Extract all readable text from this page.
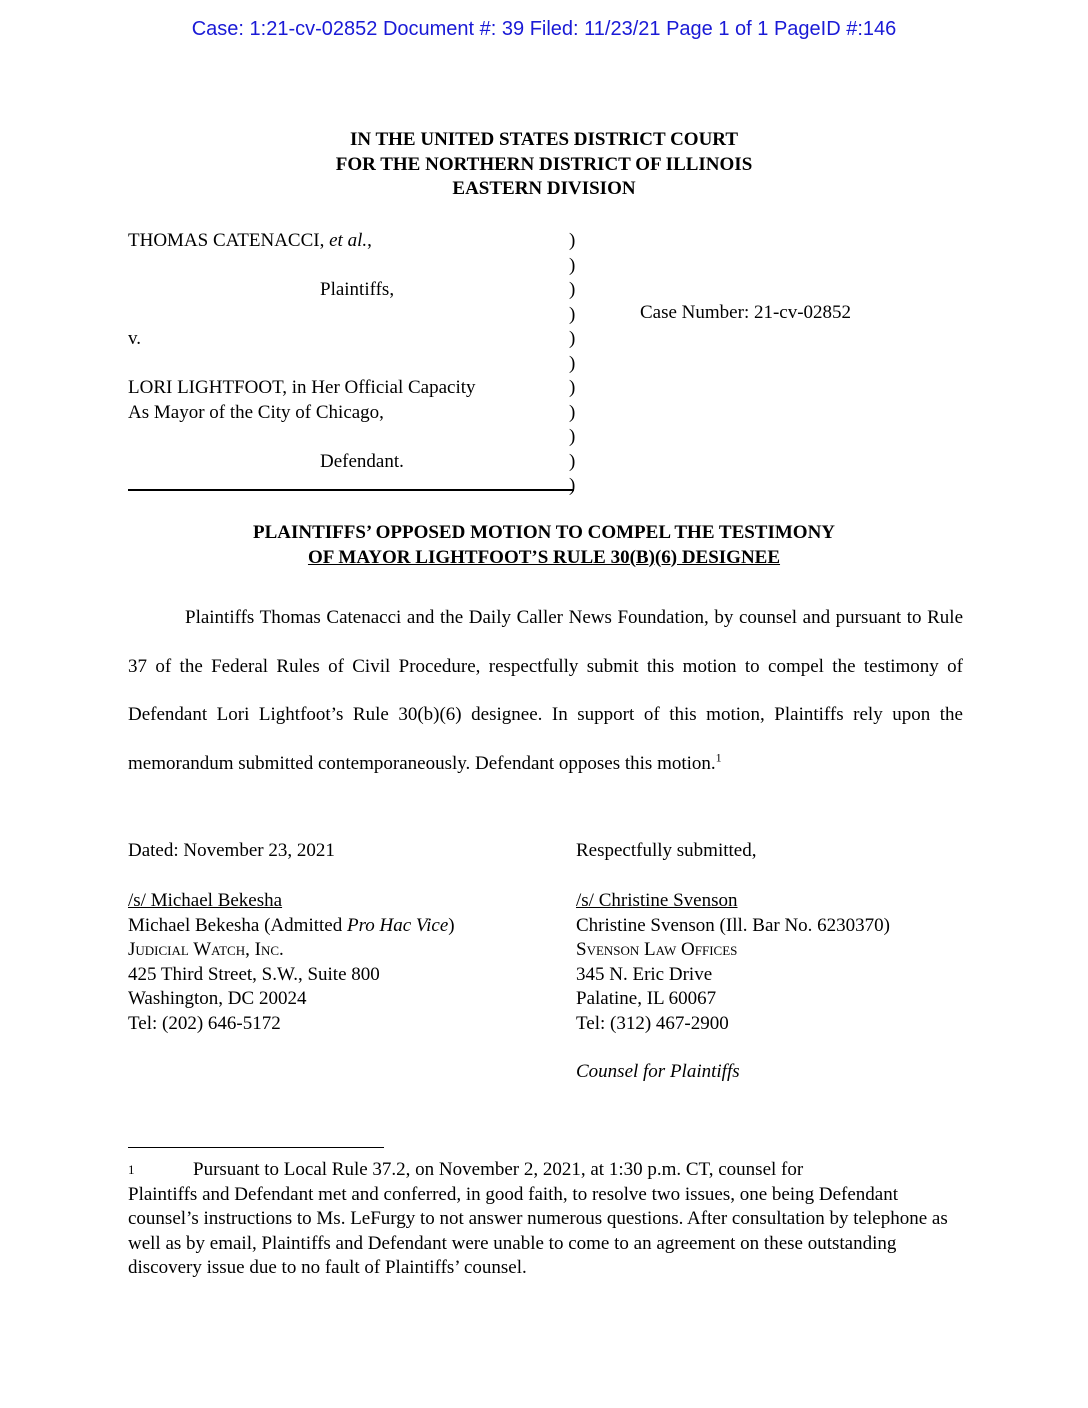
Case: 1:21-cv-02852 Document #: 39 Filed: 11/23/21 Page 1 of 1 PageID #:146
IN THE UNITED STATES DISTRICT COURT
FOR THE NORTHERN DISTRICT OF ILLINOIS
EASTERN DIVISION
THOMAS CATENACCI, et al.,
Plaintiffs,
v.
LORI LIGHTFOOT, in Her Official Capacity
As Mayor of the City of Chicago,
Defendant.
)
)
)
)
)
)
)
)
)
)
)
Case Number: 21-cv-02852
PLAINTIFFS’ OPPOSED MOTION TO COMPEL THE TESTIMONY
OF MAYOR LIGHTFOOT’S RULE 30(B)(6) DESIGNEE
Plaintiffs Thomas Catenacci and the Daily Caller News Foundation, by counsel and pursuant to Rule 37 of the Federal Rules of Civil Procedure, respectfully submit this motion to compel the testimony of Defendant Lori Lightfoot’s Rule 30(b)(6) designee. In support of this motion, Plaintiffs rely upon the memorandum submitted contemporaneously. Defendant opposes this motion.$^1$
Dated: November 23, 2021	Respectfully submitted,
/s/ Michael Bekesha
Michael Bekesha (Admitted Pro Hac Vice)
Judicial Watch, Inc.
425 Third Street, S.W., Suite 800
Washington, DC 20024
Tel: (202) 646-5172
/s/ Christine Svenson
Christine Svenson (Ill. Bar No. 6230370)
Svenson Law Offices
345 N. Eric Drive
Palatine, IL 60067
Tel: (312) 467-2900
Counsel for Plaintiffs
1	Pursuant to Local Rule 37.2, on November 2, 2021, at 1:30 p.m. CT, counsel for
Plaintiffs and Defendant met and conferred, in good faith, to resolve two issues, one being Defendant counsel’s instructions to Ms. LeFurgy to not answer numerous questions. After consultation by telephone as well as by email, Plaintiffs and Defendant were unable to come to an agreement on these outstanding discovery issue due to no fault of Plaintiffs’ counsel.
